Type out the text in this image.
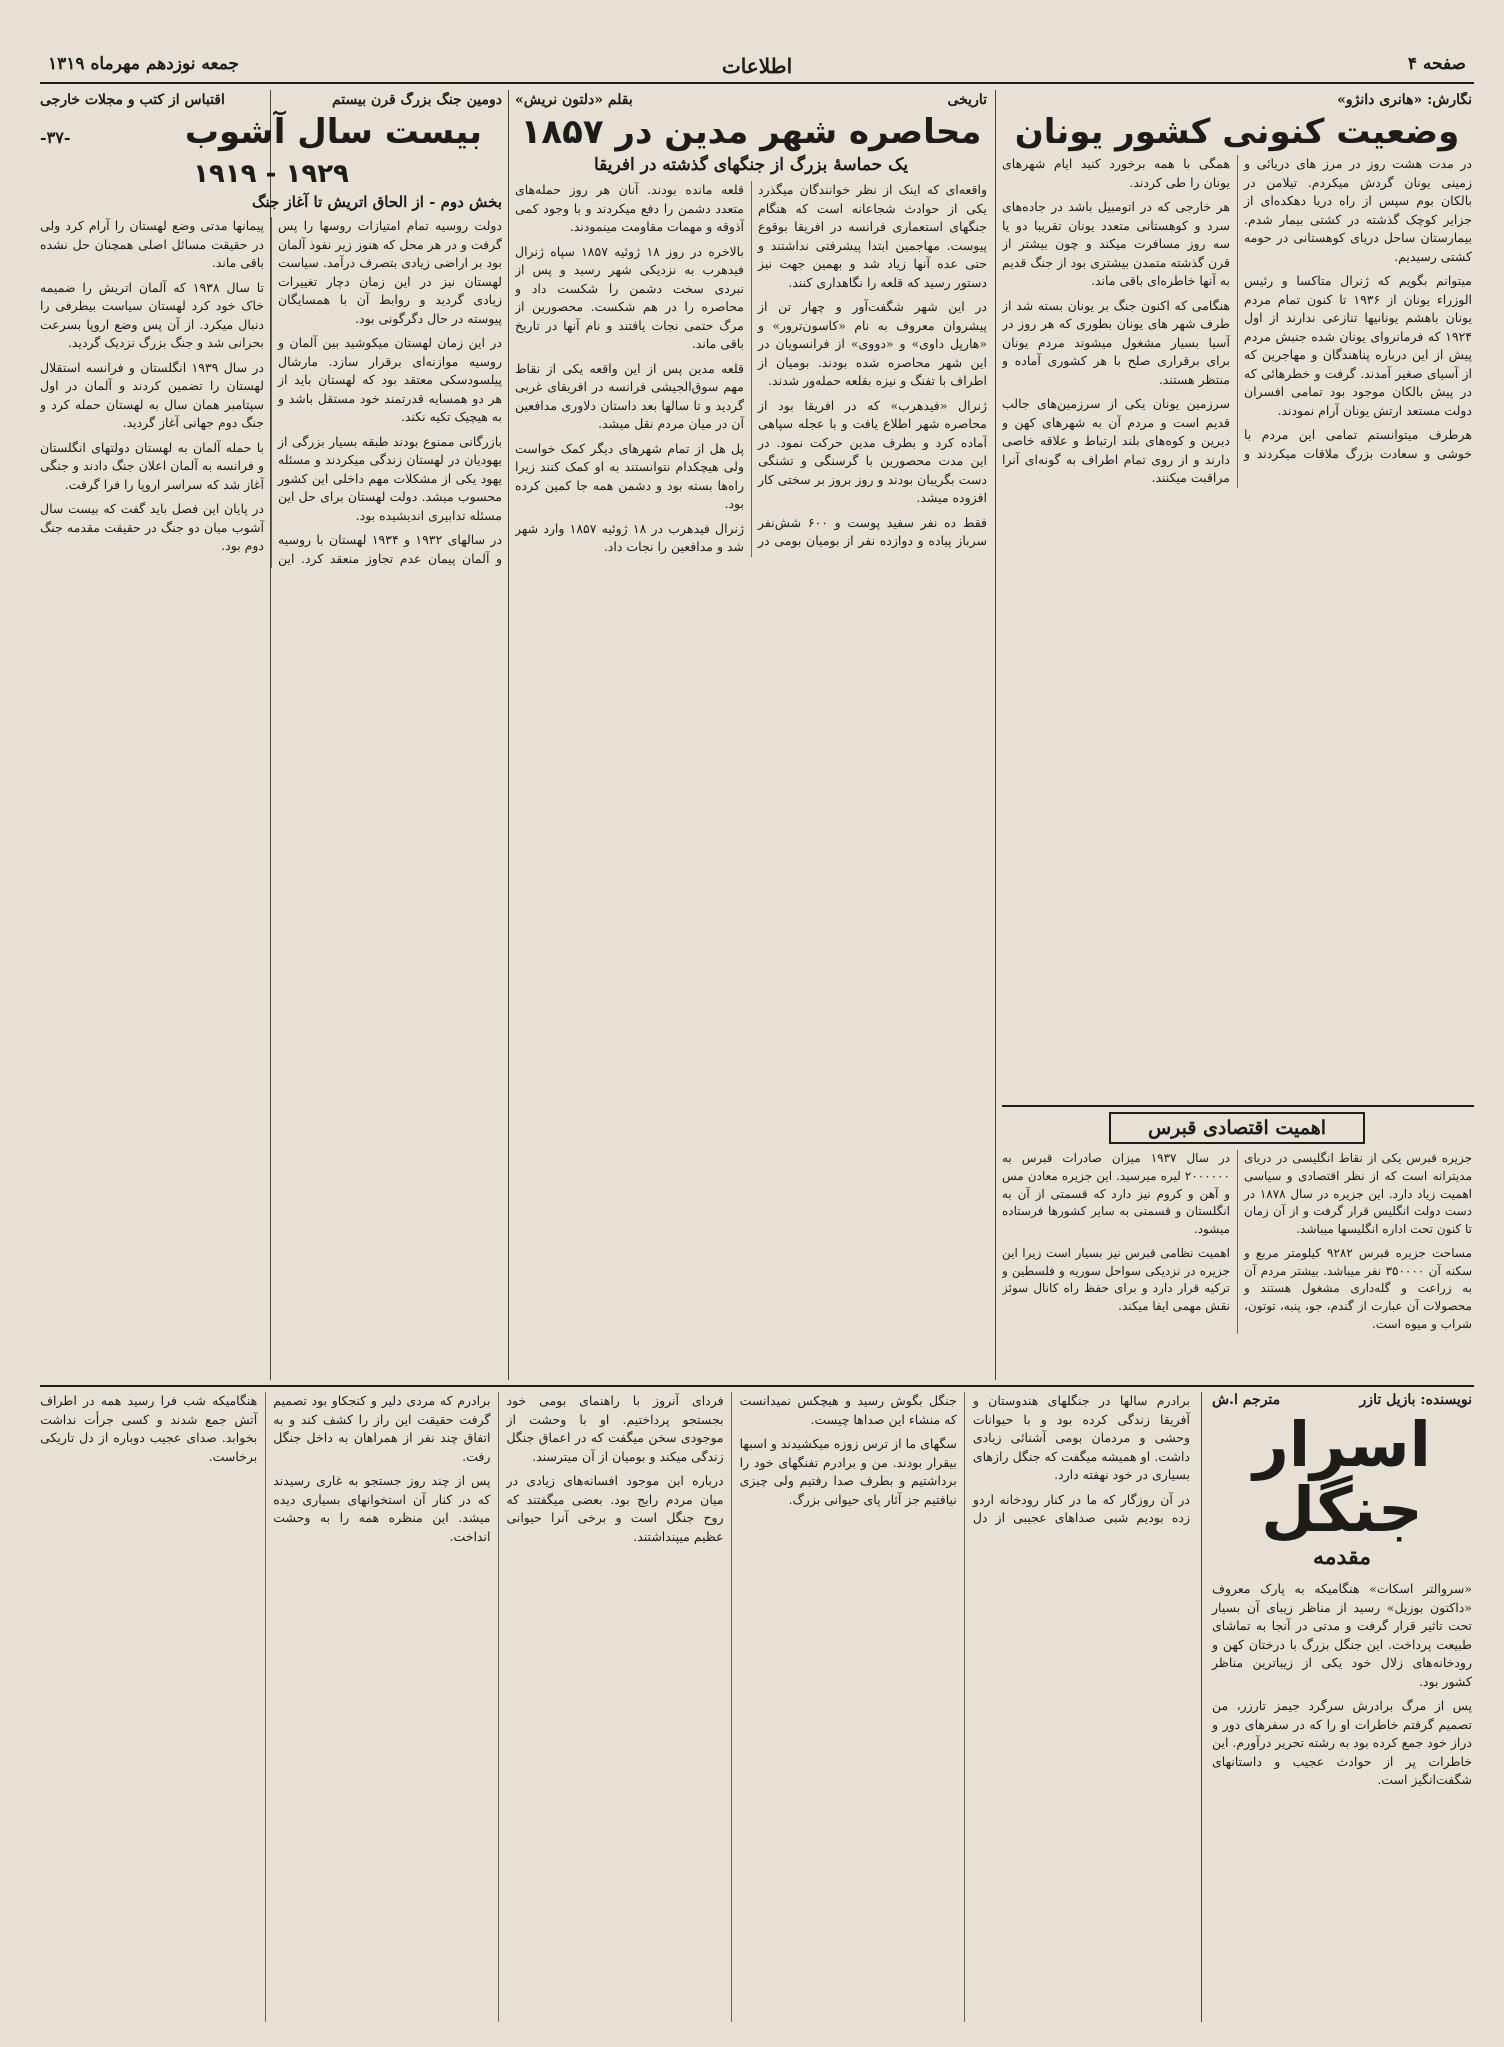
صفحه ۴
اطلاعات
جمعه نوزدهم مهرماه ۱۳۱۹
نگارش: «هانری دانژو»
وضعیت کنونی کشور یونان

در مدت هشت روز در مرز های دریائی و زمینی یونان گردش میکردم. تیلامن در بالکان بوم سپس از راه دریا دهکده‌ای از جزایر کوچک گذشته در کشتی بیمار شدم. بیمارستان ساحل دریای کوهستانی در حومه کشتی رسیدیم.

میتوانم بگویم که ژنرال متاکسا و رئیس الوزراء یونان از ۱۹۳۶ تا کنون تمام مردم یونان باهشم یونانیها تنازعی ندارند از اول ۱۹۲۴ که فرمانروای یونان شده جنبش مردم پیش از این درباره پناهندگان و مهاجرین که از آسیای صغیر آمدند. گرفت و خطرهائی که در پیش بالکان موجود بود تمامی افسران دولت مستعد ارتش یونان آرام نمودند.

هرطرف میتوانستم تمامی این مردم با خوشی و سعادت بزرگ ملاقات میکردند و همگی با همه برخورد کنید ایام شهرهای یونان را طی کردند.

هر خارجی که در اتومبیل باشد در جاده‌های سرد و کوهستانی متعدد یونان تقریبا دو یا سه روز مسافرت میکند و چون بیشتر از قرن گذشته متمدن بیشتری بود از جنگ قدیم به آنها خاطره‌ای باقی ماند.

هنگامی که اکنون جنگ بر یونان بسته شد از طرف شهر های یونان بطوری که هر روز در آسیا بسیار مشغول میشوند مردم یونان برای برقراری صلح با هر کشوری آماده و منتظر هستند.

سرزمین یونان یکی از سرزمین‌های جالب قدیم است و مردم آن به شهرهای کهن و دیرین و کوه‌های بلند ارتباط و علاقه خاصی دارند و از روی تمام اطراف به گونه‌ای آنرا مراقبت میکنند.

اهمیت اقتصادی قبرس

جزیره قبرس یکی از نقاط انگلیسی در دریای مدیترانه است که از نظر اقتصادی و سیاسی اهمیت زیاد دارد. این جزیره در سال ۱۸۷۸ در دست دولت انگلیس قرار گرفت و از آن زمان تا کنون تحت اداره انگلیسها میباشد.

مساحت جزیره قبرس ۹۲۸۲ کیلومتر مربع و سکنه آن ۳۵۰۰۰۰ نفر میباشد. بیشتر مردم آن به زراعت و گله‌داری مشغول هستند و محصولات آن عبارت از گندم، جو، پنبه، توتون، شراب و میوه است.

در سال ۱۹۳۷ میزان صادرات قبرس به ۲۰۰۰۰۰۰ لیره میرسید. این جزیره معادن مس و آهن و کروم نیز دارد که قسمتی از آن به انگلستان و قسمتی به سایر کشورها فرستاده میشود.

اهمیت نظامی قبرس نیز بسیار است زیرا این جزیره در نزدیکی سواحل سوریه و فلسطین و ترکیه قرار دارد و برای حفظ راه کانال سوئز نقش مهمی ایفا میکند.

تاریخی
بقلم «دلتون نریش»
محاصره شهر مدین در ۱۸۵۷
یک حماسهٔ بزرگ از جنگهای گذشته در افریقا

واقعه‌ای که اینک از نظر خوانندگان میگذرد یکی از حوادث شجاعانه است که هنگام جنگهای استعماری فرانسه در افریقا بوقوع پیوست. مهاجمین ابتدا پیشرفتی نداشتند و حتی عده آنها زیاد شد و بهمین جهت نیز دستور رسید که قلعه را نگاهداری کنند.

در این شهر شگفت‌آور و چهار تن از پیشروان معروف به نام «کاسون‌ترور» و «هارپل داوی» و «دووی» از فرانسویان در این شهر محاصره شده بودند. بومیان از اطراف با تفنگ و نیزه بقلعه حمله‌ور شدند.

ژنرال «فیدهرب» که در افریقا بود از محاصره شهر اطلاع یافت و با عجله سپاهی آماده کرد و بطرف مدین حرکت نمود. در این مدت محصورین با گرسنگی و تشنگی دست بگریبان بودند و روز بروز بر سختی کار افزوده میشد.

فقط ده نفر سفید پوست و ۶۰۰ شش‌نفر سرباز پیاده و دوازده نفر از بومیان بومی در قلعه مانده بودند. آنان هر روز حمله‌های متعدد دشمن را دفع میکردند و با وجود کمی آذوقه و مهمات مقاومت مینمودند.

بالاخره در روز ۱۸ ژوئیه ۱۸۵۷ سپاه ژنرال فیدهرب به نزدیکی شهر رسید و پس از نبردی سخت دشمن را شکست داد و محاصره را در هم شکست. محصورین از مرگ حتمی نجات یافتند و نام آنها در تاریخ باقی ماند.

قلعه مدین پس از این واقعه یکی از نقاط مهم سوق‌الجیشی فرانسه در افریقای غربی گردید و تا سالها بعد داستان دلاوری مدافعین آن در میان مردم نقل میشد.

پل هل از تمام شهرهای دیگر کمک خواست ولی هیچکدام نتوانستند به او کمک کنند زیرا راه‌ها بسته بود و دشمن همه جا کمین کرده بود.

ژنرال فیدهرب در ۱۸ ژوئیه ۱۸۵۷ وارد شهر شد و مدافعین را نجات داد.

دومین جنگ بزرگ قرن بیستم
اقتباس از کتب و مجلات خارجی
بیست سال آشوب
-۳۷-
۱۹۲۹ - ۱۹۱۹

بخش دوم - از الحاق اتریش تا آغاز جنگ

دولت روسیه تمام امتیازات روسها را پس گرفت و در هر محل که هنوز زیر نفوذ آلمان بود بر اراضی زیادی بتصرف درآمد. سیاست لهستان نیز در این زمان دچار تغییرات زیادی گردید و روابط آن با همسایگان پیوسته در حال دگرگونی بود.

در این زمان لهستان میکوشید بین آلمان و روسیه موازنه‌ای برقرار سازد. مارشال پیلسودسکی معتقد بود که لهستان باید از هر دو همسایه قدرتمند خود مستقل باشد و به هیچیک تکیه نکند.

بازرگانی ممنوع بودند طبقه بسیار بزرگی از یهودیان در لهستان زندگی میکردند و مسئله یهود یکی از مشکلات مهم داخلی این کشور محسوب میشد. دولت لهستان برای حل این مسئله تدابیری اندیشیده بود.

در سالهای ۱۹۳۲ و ۱۹۳۴ لهستان با روسیه و آلمان پیمان عدم تجاوز منعقد کرد. این پیمانها مدتی وضع لهستان را آرام کرد ولی در حقیقت مسائل اصلی همچنان حل نشده باقی ماند.

تا سال ۱۹۳۸ که آلمان اتریش را ضمیمه خاک خود کرد لهستان سیاست بیطرفی را دنبال میکرد. از آن پس وضع اروپا بسرعت بحرانی شد و جنگ بزرگ نزدیک گردید.

در سال ۱۹۳۹ انگلستان و فرانسه استقلال لهستان را تضمین کردند و آلمان در اول سپتامبر همان سال به لهستان حمله کرد و جنگ دوم جهانی آغاز گردید.

با حمله آلمان به لهستان دولتهای انگلستان و فرانسه به آلمان اعلان جنگ دادند و جنگی آغاز شد که سراسر اروپا را فرا گرفت.

در پایان این فصل باید گفت که بیست سال آشوب میان دو جنگ در حقیقت مقدمه جنگ دوم بود.

نویسنده: بازیل تازر
مترجم ا.ش
اسرار جنگل
مقدمه

«سروالتر اسکات» هنگامیکه به پارک معروف «داکتون بوزیل» رسید از مناظر زیبای آن بسیار تحت تاثیر قرار گرفت و مدتی در آنجا به تماشای طبیعت پرداخت. این جنگل بزرگ با درختان کهن و رودخانه‌های زلال خود یکی از زیباترین مناظر کشور بود.

پس از مرگ برادرش سرگرد جیمز تارزر، من تصمیم گرفتم خاطرات او را که در سفرهای دور و دراز خود جمع کرده بود به رشته تحریر درآورم. این خاطرات پر از حوادث عجیب و داستانهای شگفت‌انگیز است.

برادرم سالها در جنگلهای هندوستان و آفریقا زندگی کرده بود و با حیوانات وحشی و مردمان بومی آشنائی زیادی داشت. او همیشه میگفت که جنگل رازهای بسیاری در خود نهفته دارد.

در آن روزگار که ما در کنار رودخانه اردو زده بودیم شبی صداهای عجیبی از دل جنگل بگوش رسید و هیچکس نمیدانست که منشاء این صداها چیست.

سگهای ما از ترس زوزه میکشیدند و اسبها بیقرار بودند. من و برادرم تفنگهای خود را برداشتیم و بطرف صدا رفتیم ولی چیزی نیافتیم جز آثار پای حیوانی بزرگ.

فردای آنروز با راهنمای بومی خود بجستجو پرداختیم. او با وحشت از موجودی سخن میگفت که در اعماق جنگل زندگی میکند و بومیان از آن میترسند.

درباره این موجود افسانه‌های زیادی در میان مردم رایج بود. بعضی میگفتند که روح جنگل است و برخی آنرا حیوانی عظیم میپنداشتند.

برادرم که مردی دلیر و کنجکاو بود تصمیم گرفت حقیقت این راز را کشف کند و به اتفاق چند نفر از همراهان به داخل جنگل رفت.

پس از چند روز جستجو به غاری رسیدند که در کنار آن استخوانهای بسیاری دیده میشد. این منظره همه را به وحشت انداخت.

هنگامیکه شب فرا رسید همه در اطراف آتش جمع شدند و کسی جرأت نداشت بخوابد. صدای عجیب دوباره از دل تاریکی برخاست.
